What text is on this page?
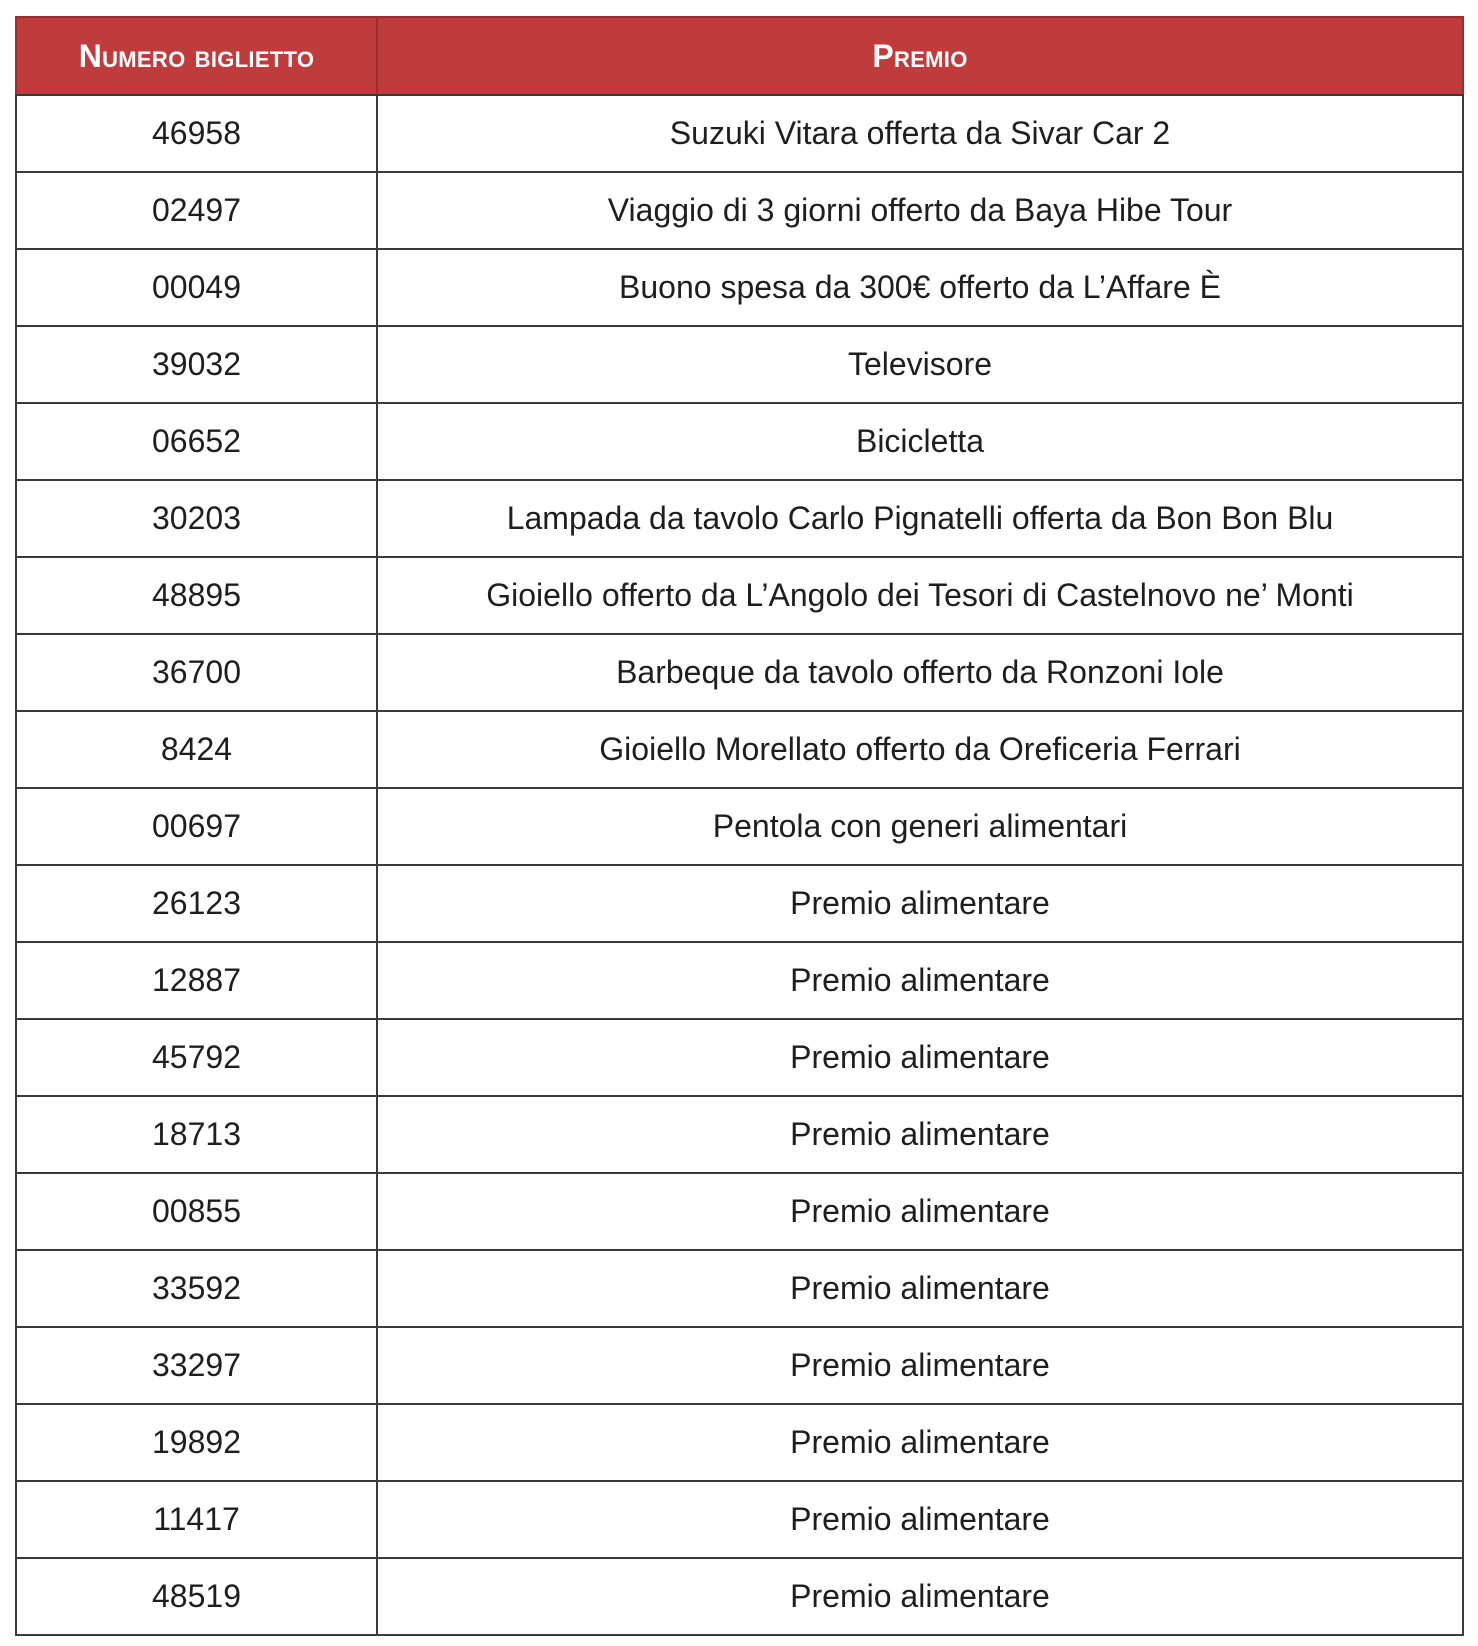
Numero biglietto	Premio
46958	Suzuki Vitara offerta da Sivar Car 2
02497	Viaggio di 3 giorni offerto da Baya Hibe Tour
00049	Buono spesa da 300€ offerto da L’Affare È
39032	Televisore
06652	Bicicletta
30203	Lampada da tavolo Carlo Pignatelli offerta da Bon Bon Blu
48895	Gioiello offerto da L’Angolo dei Tesori di Castelnovo ne’ Monti
36700	Barbeque da tavolo offerto da Ronzoni Iole
8424	Gioiello Morellato offerto da Oreficeria Ferrari
00697	Pentola con generi alimentari
26123	Premio alimentare
12887	Premio alimentare
45792	Premio alimentare
18713	Premio alimentare
00855	Premio alimentare
33592	Premio alimentare
33297	Premio alimentare
19892	Premio alimentare
11417	Premio alimentare
48519	Premio alimentare
